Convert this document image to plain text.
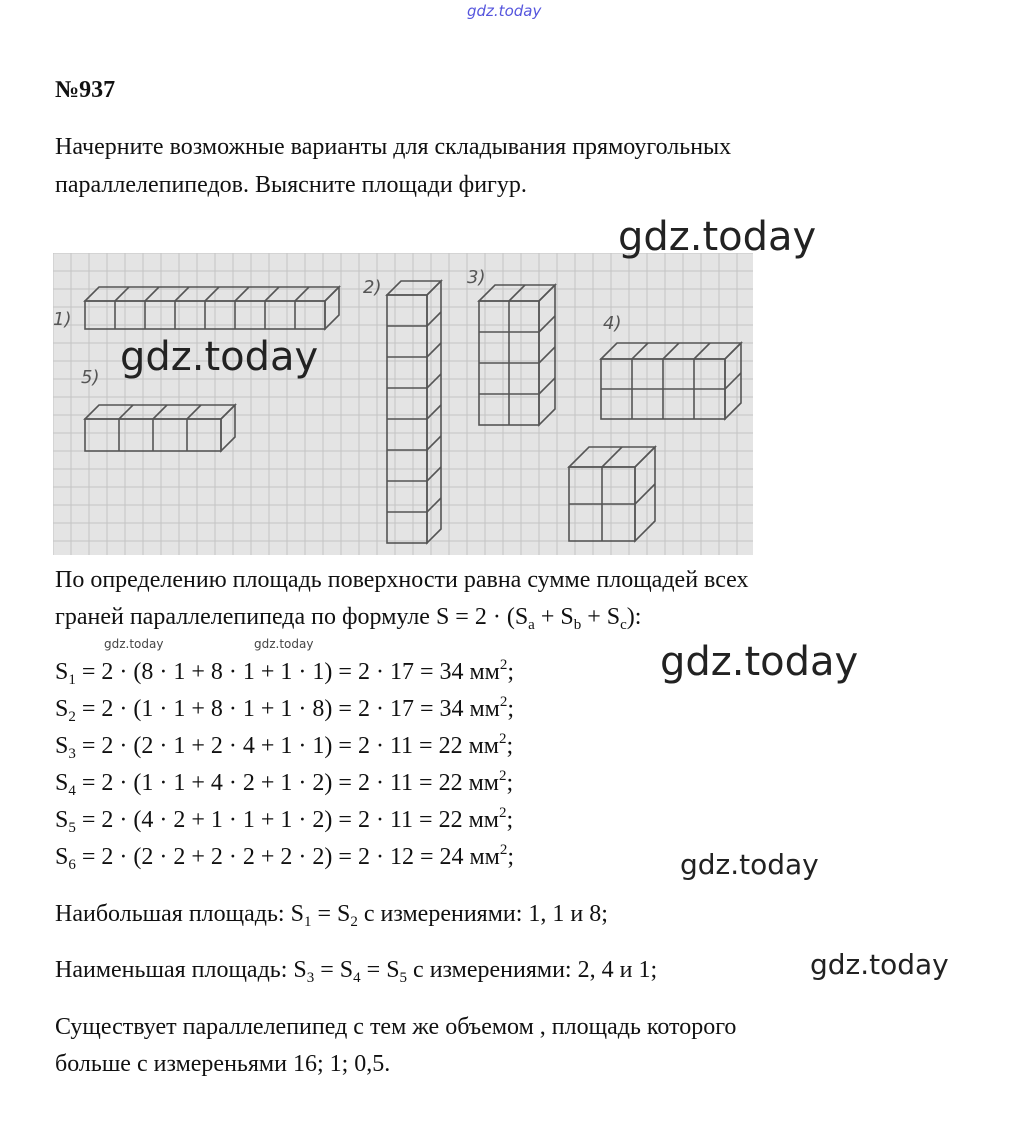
gdz.today
№937
Начерните возможные варианты для складывания прямоугольных
параллелепипедов. Выясните площади фигур.
1)
2)	3)
4)
5)
По определению площадь поверхности равна сумме площадей всех
граней параллелепипеда по формуле $S = 2 \cdot (S_a + S_b + S_c)$:
$S_1 = 2 \cdot (8 \cdot 1 + 8 \cdot 1 + 1 \cdot 1) = 2 \cdot 17 = 34$ $мм^2$;
$S_2 = 2 \cdot (1 \cdot 1 + 8 \cdot 1 + 1 \cdot 8) = 2 \cdot 17 = 34$ $мм^2$;
$S_3 = 2 \cdot (2 \cdot 1 + 2 \cdot 4 + 1 \cdot 1) = 2 \cdot 11 = 22$ $мм^2$;
$S_4 = 2 \cdot (1 \cdot 1 + 4 \cdot 2 + 1 \cdot 2) = 2 \cdot 11 = 22$ $мм^2$;
$S_5 = 2 \cdot (4 \cdot 2 + 1 \cdot 1 + 1 \cdot 2) = 2 \cdot 11 = 22$ $мм^2$;
$S_6 = 2 \cdot (2 \cdot 2 + 2 \cdot 2 + 2 \cdot 2) = 2 \cdot 12 = 24$ $мм^2$;
Наибольшая площадь: $S_1 = S_2$ с измерениями: 1, 1 и 8;
Наименьшая площадь: $S_3 = S_4 = S_5$ с измерениями: 2, 4 и 1;
Существует параллелепипед с тем же объемом , площадь которого
больше с измереньями 16; 1; 0,5.
gdz.today
gdz.today
gdz.today
gdz.today
gdz.today
gdz.today	gdz.today
